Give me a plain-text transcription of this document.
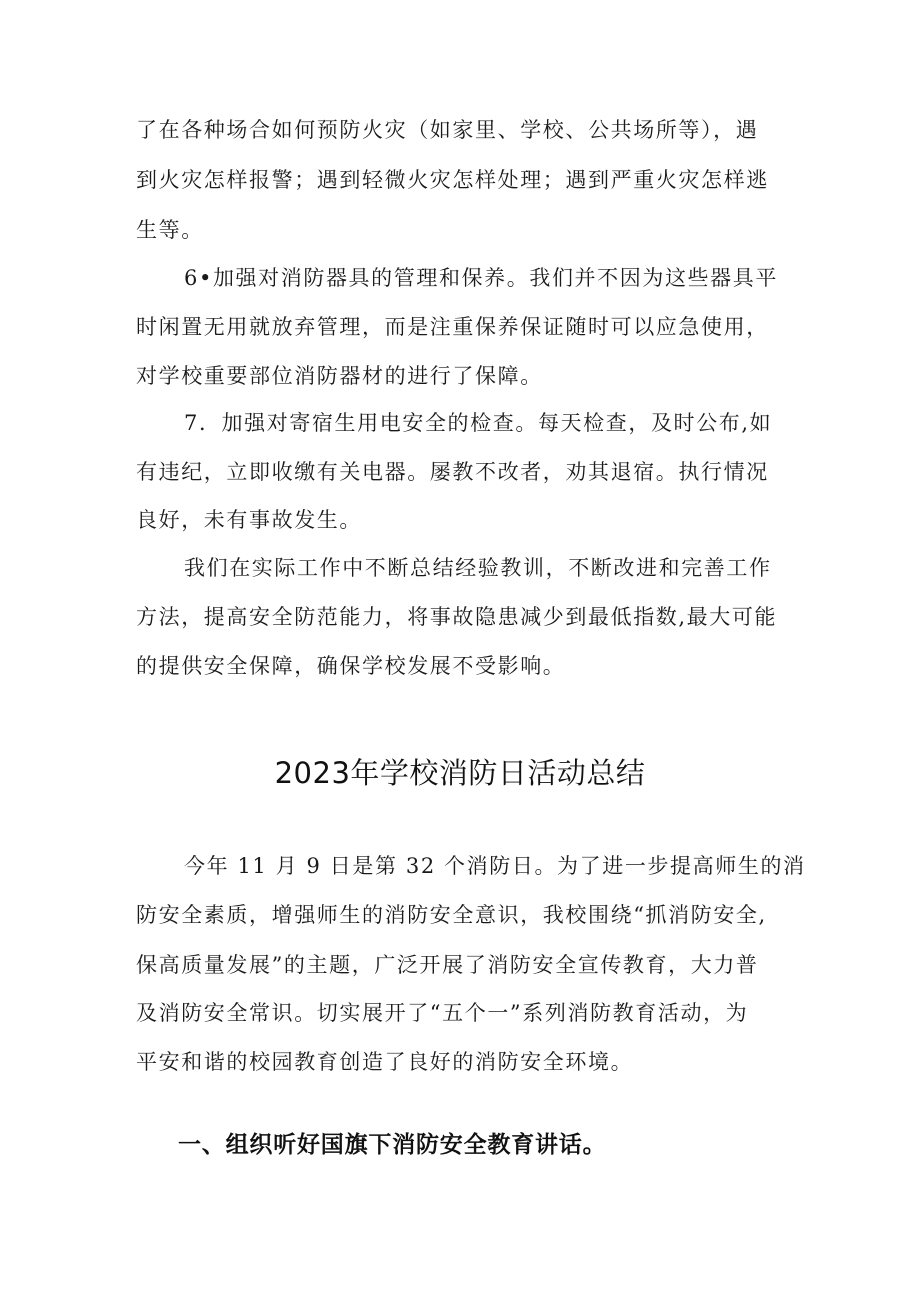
了在各种场合如何预防火灾（如家里、学校、公共场所等），遇
到火灾怎样报警；遇到轻微火灾怎样处理；遇到严重火灾怎样逃
生等。
6•加强对消防器具的管理和保养。我们并不因为这些器具平
时闲置无用就放弃管理，而是注重保养保证随时可以应急使用，
对学校重要部位消防器材的进行了保障。
7．加强对寄宿生用电安全的检查。每天检查，及时公布,如
有违纪，立即收缴有关电器。屡教不改者，劝其退宿。执行情况
良好，未有事故发生。
我们在实际工作中不断总结经验教训，不断改进和完善工作
方法，提高安全防范能力，将事故隐患减少到最低指数,最大可能
的提供安全保障，确保学校发展不受影响。
2023年学校消防日活动总结
今年 11 月 9 日是第 32 个消防日。为了进一步提高师生的消
防安全素质，增强师生的消防安全意识，我校围绕“抓消防安全,
保高质量发展”的主题，广泛开展了消防安全宣传教育，大力普
及消防安全常识。切实展开了“五个一”系列消防教育活动，为
平安和谐的校园教育创造了良好的消防安全环境。
一、组织听好国旗下消防安全教育讲话。
